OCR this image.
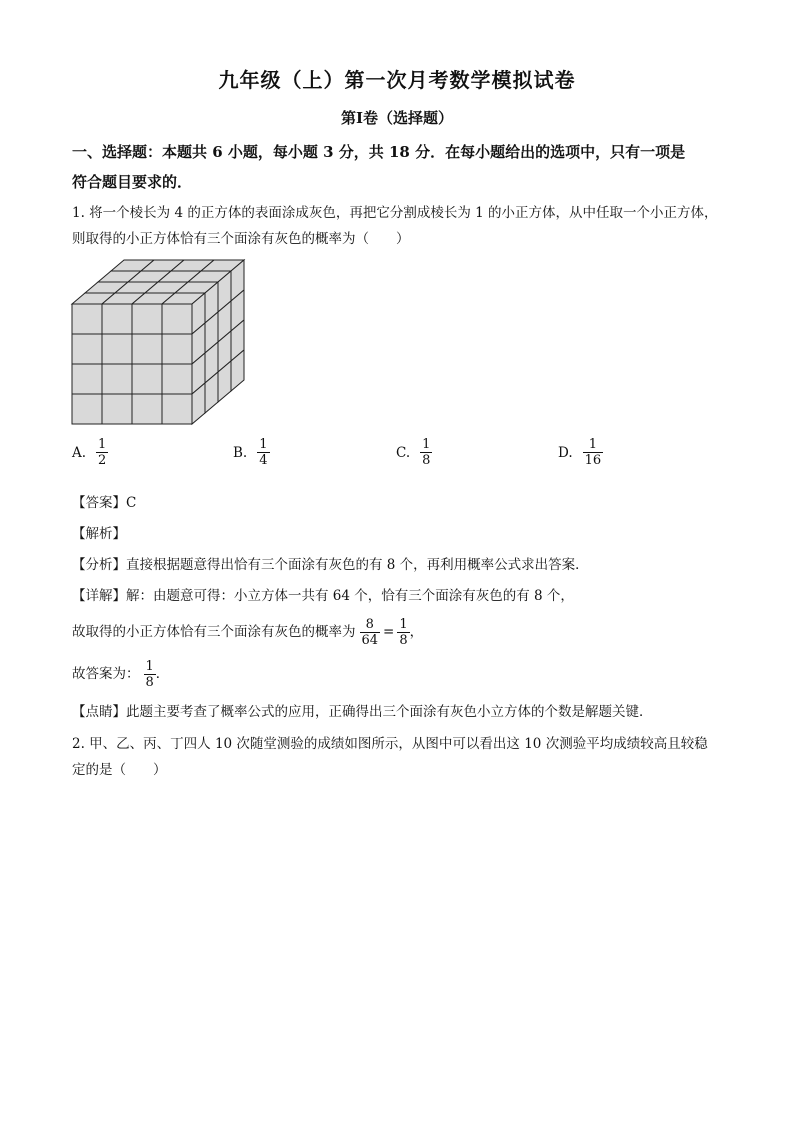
九年级（上）第一次月考数学模拟试卷
第Ⅰ卷（选择题）
一、选择题：本题共 6 小题，每小题 3 分，共 18 分．在每小题给出的选项中，只有一项是
符合题目要求的．
1. 将一个棱长为 4 的正方体的表面涂成灰色，再把它分割成棱长为 1 的小正方体，从中任取一个小正方体，
则取得的小正方体恰有三个面涂有灰色的概率为（　　）
A. $\frac{1}{2}$	B. $\frac{1}{4}$	C. $\frac{1}{8}$	D. $\frac{1}{16}$
【答案】C
【解析】
【分析】直接根据题意得出恰有三个面涂有灰色的有 8 个，再利用概率公式求出答案．
【详解】解：由题意可得：小立方体一共有 64 个，恰有三个面涂有灰色的有 8 个，
故取得的小正方体恰有三个面涂有灰色的概率为 $\frac{8}{64} = \frac{1}{8}$ ，
故答案为： $\frac{1}{8}$ ．
【点睛】此题主要考查了概率公式的应用，正确得出三个面涂有灰色小立方体的个数是解题关键．
2. 甲、乙、丙、丁四人 10 次随堂测验的成绩如图所示，从图中可以看出这 10 次测验平均成绩较高且较稳
定的是（　　）
